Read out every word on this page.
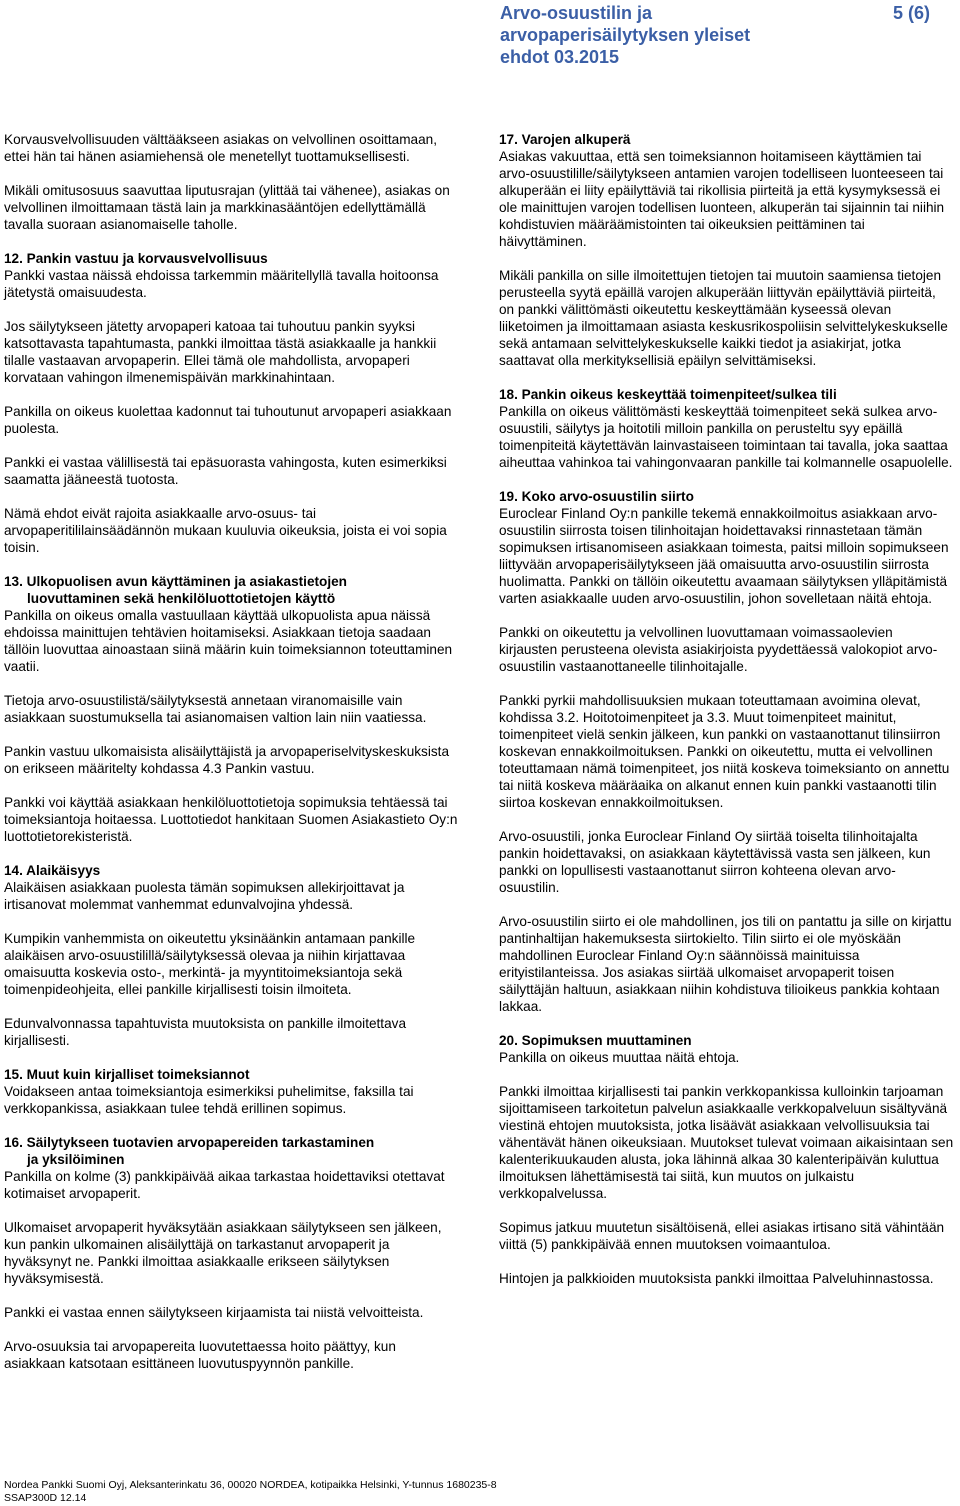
Arvo-osuustilin ja arvopaperisäilytyksen yleiset ehdot 03.2015
5 (6)

Korvausvelvollisuuden välttääkseen asiakas on velvollinen osoittamaan, ettei hän tai hänen asiamiehensä ole menetellyt tuottamuksellisesti.

Mikäli omitusosuus saavuttaa liputusrajan (ylittää tai vähenee), asiakas on velvollinen ilmoittamaan tästä lain ja markkinasääntöjen edellyttämällä tavalla suoraan asianomaiselle taholle.

12. Pankin vastuu ja korvausvelvollisuus

Pankki vastaa näissä ehdoissa tarkemmin määritellyllä tavalla hoitoonsa jätetystä omaisuudesta.

Jos säilytykseen jätetty arvopaperi katoaa tai tuhoutuu pankin syyksi katsottavasta tapahtumasta, pankki ilmoittaa tästä asiakkaalle ja hankkii tilalle vastaavan arvopaperin. Ellei tämä ole mahdollista, arvopaperi korvataan vahingon ilmenemispäivän markkinahintaan.

Pankilla on oikeus kuolettaa kadonnut tai tuhoutunut arvopaperi asiakkaan puolesta.

Pankki ei vastaa välillisestä tai epäsuorasta vahingosta, kuten esimerkiksi saamatta jääneestä tuotosta.

Nämä ehdot eivät rajoita asiakkaalle arvo-osuus- tai arvopaperitililainsäädännön mukaan kuuluvia oikeuksia, joista ei voi sopia toisin.

13. Ulkopuolisen avun käyttäminen ja asiakastietojen

luovuttaminen sekä henkilöluottotietojen käyttö

Pankilla on oikeus omalla vastuullaan käyttää ulkopuolista apua näissä ehdoissa mainittujen tehtävien hoitamiseksi. Asiakkaan tietoja saadaan tällöin luovuttaa ainoastaan siinä määrin kuin toimeksiannon toteuttaminen vaatii.

Tietoja arvo-osuustilistä/säilytyksestä annetaan viranomaisille vain asiakkaan suostumuksella tai asianomaisen valtion lain niin vaatiessa.

Pankin vastuu ulkomaisista alisäilyttäjistä ja arvopaperiselvityskeskuksista on erikseen määritelty kohdassa 4.3 Pankin vastuu.

Pankki voi käyttää asiakkaan henkilöluottotietoja sopimuksia tehtäessä tai toimeksiantoja hoitaessa. Luottotiedot hankitaan Suomen Asiakastieto Oy:n luottotietorekisteristä.

14. Alaikäisyys

Alaikäisen asiakkaan puolesta tämän sopimuksen allekirjoittavat ja irtisanovat molemmat vanhemmat edunvalvojina yhdessä.

Kumpikin vanhemmista on oikeutettu yksinäänkin antamaan pankille alaikäisen arvo-osuustilillä/säilytyksessä olevaa ja niihin kirjattavaa omaisuutta koskevia osto-, merkintä- ja myyntitoimeksiantoja sekä toimenpideohjeita, ellei pankille kirjallisesti toisin ilmoiteta.

Edunvalvonnassa tapahtuvista muutoksista on pankille ilmoitettava kirjallisesti.

15. Muut kuin kirjalliset toimeksiannot

Voidakseen antaa toimeksiantoja esimerkiksi puhelimitse, faksilla tai verkkopankissa, asiakkaan tulee tehdä erillinen sopimus.

16. Säilytykseen tuotavien arvopapereiden tarkastaminen

ja yksilöiminen

Pankilla on kolme (3) pankkipäivää aikaa tarkastaa hoidettaviksi otettavat kotimaiset arvopaperit.

Ulkomaiset arvopaperit hyväksytään asiakkaan säilytykseen sen jälkeen, kun pankin ulkomainen alisäilyttäjä on tarkastanut arvopaperit ja hyväksynyt ne. Pankki ilmoittaa asiakkaalle erikseen säilytyksen hyväksymisestä.

Pankki ei vastaa ennen säilytykseen kirjaamista tai niistä velvoitteista.

Arvo-osuuksia tai arvopapereita luovutettaessa hoito päättyy, kun asiakkaan katsotaan esittäneen luovutuspyynnön pankille.

17. Varojen alkuperä

Asiakas vakuuttaa, että sen toimeksiannon hoitamiseen käyttämien tai arvo-osuustilille/säilytykseen antamien varojen todelliseen luonteeseen tai alkuperään ei liity epäilyttäviä tai rikollisia piirteitä ja että kysymyksessä ei ole mainittujen varojen todellisen luonteen, alkuperän tai sijainnin tai niihin kohdistuvien määräämistointen tai oikeuksien peittäminen tai häivyttäminen.

Mikäli pankilla on sille ilmoitettujen tietojen tai muutoin saamiensa tietojen perusteella syytä epäillä varojen alkuperään liittyvän epäilyttäviä piirteitä, on pankki välittömästi oikeutettu keskeyttämään kyseessä olevan liiketoimen ja ilmoittamaan asiasta keskusrikospoliisin selvittelykeskukselle sekä antamaan selvittelykeskukselle kaikki tiedot ja asiakirjat, jotka saattavat olla merkityksellisiä epäilyn selvittämiseksi.

18. Pankin oikeus keskeyttää toimenpiteet/sulkea tili

Pankilla on oikeus välittömästi keskeyttää toimenpiteet sekä sulkea arvo-osuustili, säilytys ja hoitotili milloin pankilla on perusteltu syy epäillä toimenpiteitä käytettävän lainvastaiseen toimintaan tai tavalla, joka saattaa aiheuttaa vahinkoa tai vahingonvaaran pankille tai kolmannelle osapuolelle.

19. Koko arvo-osuustilin siirto

Euroclear Finland Oy:n pankille tekemä ennakkoilmoitus asiakkaan arvo-osuustilin siirrosta toisen tilinhoitajan hoidettavaksi rinnastetaan tämän sopimuksen irtisanomiseen asiakkaan toimesta, paitsi milloin sopimukseen liittyvään arvopaperisäilytykseen jää omaisuutta arvo-osuustilin siirrosta huolimatta. Pankki on tällöin oikeutettu avaamaan säilytyksen ylläpitämistä varten asiakkaalle uuden arvo-osuustilin, johon sovelletaan näitä ehtoja.

Pankki on oikeutettu ja velvollinen luovuttamaan voimassaolevien kirjausten perusteena olevista asiakirjoista pyydettäessä valokopiot arvo-osuustilin vastaanottaneelle tilinhoitajalle.

Pankki pyrkii mahdollisuuksien mukaan toteuttamaan avoimina olevat, kohdissa 3.2. Hoitotoimenpiteet ja 3.3. Muut toimenpiteet mainitut, toimenpiteet vielä senkin jälkeen, kun pankki on vastaanottanut tilinsiirron koskevan ennakkoilmoituksen. Pankki on oikeutettu, mutta ei velvollinen toteuttamaan nämä toimenpiteet, jos niitä koskeva toimeksianto on annettu tai niitä koskeva määräaika on alkanut ennen kuin pankki vastaanotti tilin siirtoa koskevan ennakkoilmoituksen.

Arvo-osuustili, jonka Euroclear Finland Oy siirtää toiselta tilinhoitajalta pankin hoidettavaksi, on asiakkaan käytettävissä vasta sen jälkeen, kun pankki on lopullisesti vastaanottanut siirron kohteena olevan arvo-osuustilin.

Arvo-osuustilin siirto ei ole mahdollinen, jos tili on pantattu ja sille on kirjattu pantinhaltijan hakemuksesta siirtokielto. Tilin siirto ei ole myöskään mahdollinen Euroclear Finland Oy:n säännöissä mainituissa erityistilanteissa. Jos asiakas siirtää ulkomaiset arvopaperit toisen säilyttäjän haltuun, asiakkaan niihin kohdistuva tilioikeus pankkia kohtaan lakkaa.

20. Sopimuksen muuttaminen

Pankilla on oikeus muuttaa näitä ehtoja.

Pankki ilmoittaa kirjallisesti tai pankin verkkopankissa kulloinkin tarjoaman sijoittamiseen tarkoitetun palvelun asiakkaalle verkkopalveluun sisältyvänä viestinä ehtojen muutoksista, jotka lisäävät asiakkaan velvollisuuksia tai vähentävät hänen oikeuksiaan. Muutokset tulevat voimaan aikaisintaan sen kalenterikuukauden alusta, joka lähinnä alkaa 30 kalenteripäivän kuluttua ilmoituksen lähettämisestä tai siitä, kun muutos on julkaistu verkkopalvelussa.

Sopimus jatkuu muutetun sisältöisenä, ellei asiakas irtisano sitä vähintään viittä (5) pankkipäivää ennen muutoksen voimaantuloa.

Hintojen ja palkkioiden muutoksista pankki ilmoittaa Palveluhinnastossa.

Nordea Pankki Suomi Oyj, Aleksanterinkatu 36, 00020 NORDEA, kotipaikka Helsinki, Y-tunnus 1680235-8
SSAP300D 12.14
